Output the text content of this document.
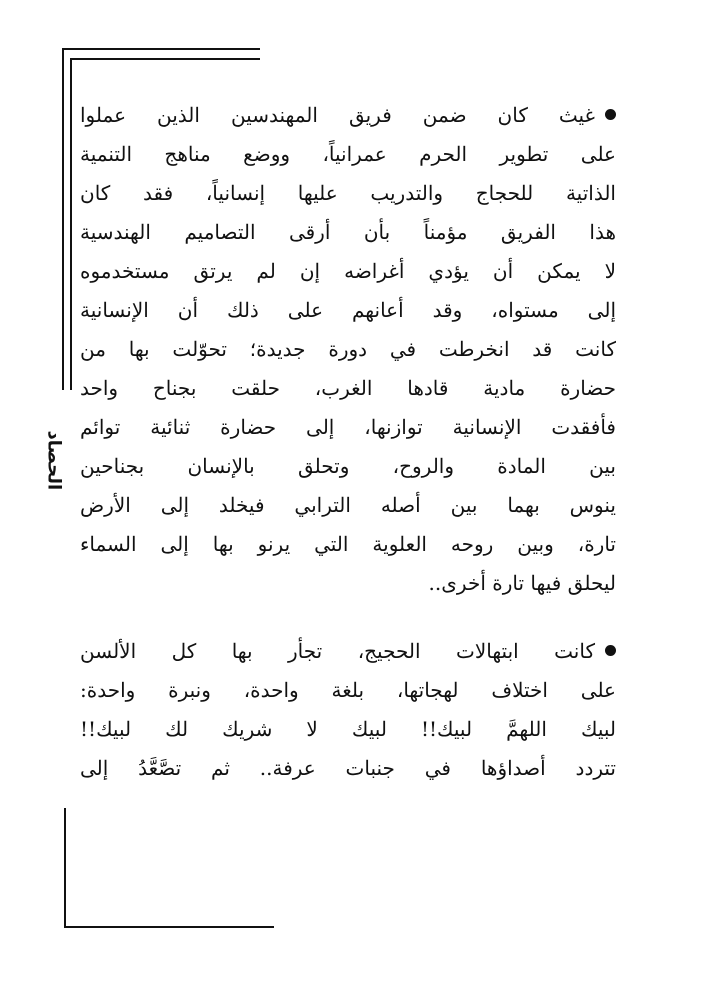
الحصاد

غيث كان ضمن فريق المهندسين الذين عملوا
على تطوير الحرم عمرانياً، ووضع مناهج التنمية
الذاتية للحجاج والتدريب عليها إنسانياً، فقد كان
هذا الفريق مؤمناً بأن أرقى التصاميم الهندسية
لا يمكن أن يؤدي أغراضه إن لم يرتق مستخدموه
إلى مستواه، وقد أعانهم على ذلك أن الإنسانية
كانت قد انخرطت في دورة جديدة؛ تحوّلت بها من
حضارة مادية قادها الغرب، حلقت بجناح واحد
فأفقدت الإنسانية توازنها، إلى حضارة ثنائية توائم
بين المادة والروح، وتحلق بالإنسان بجناحين
ينوس بهما بين أصله الترابي فيخلد إلى الأرض
تارة، وبين روحه العلوية التي يرنو بها إلى السماء
ليحلق فيها تارة أخرى..

كانت ابتهالات الحجيج، تجأر بها كل الألسن
على اختلاف لهجاتها، بلغة واحدة، ونبرة واحدة:
لبيك اللهمَّ لبيك!! لبيك لا شريك لك لبيك!!
تتردد أصداؤها في جنبات عرفة.. ثم تصَّعَّدُ إلى
